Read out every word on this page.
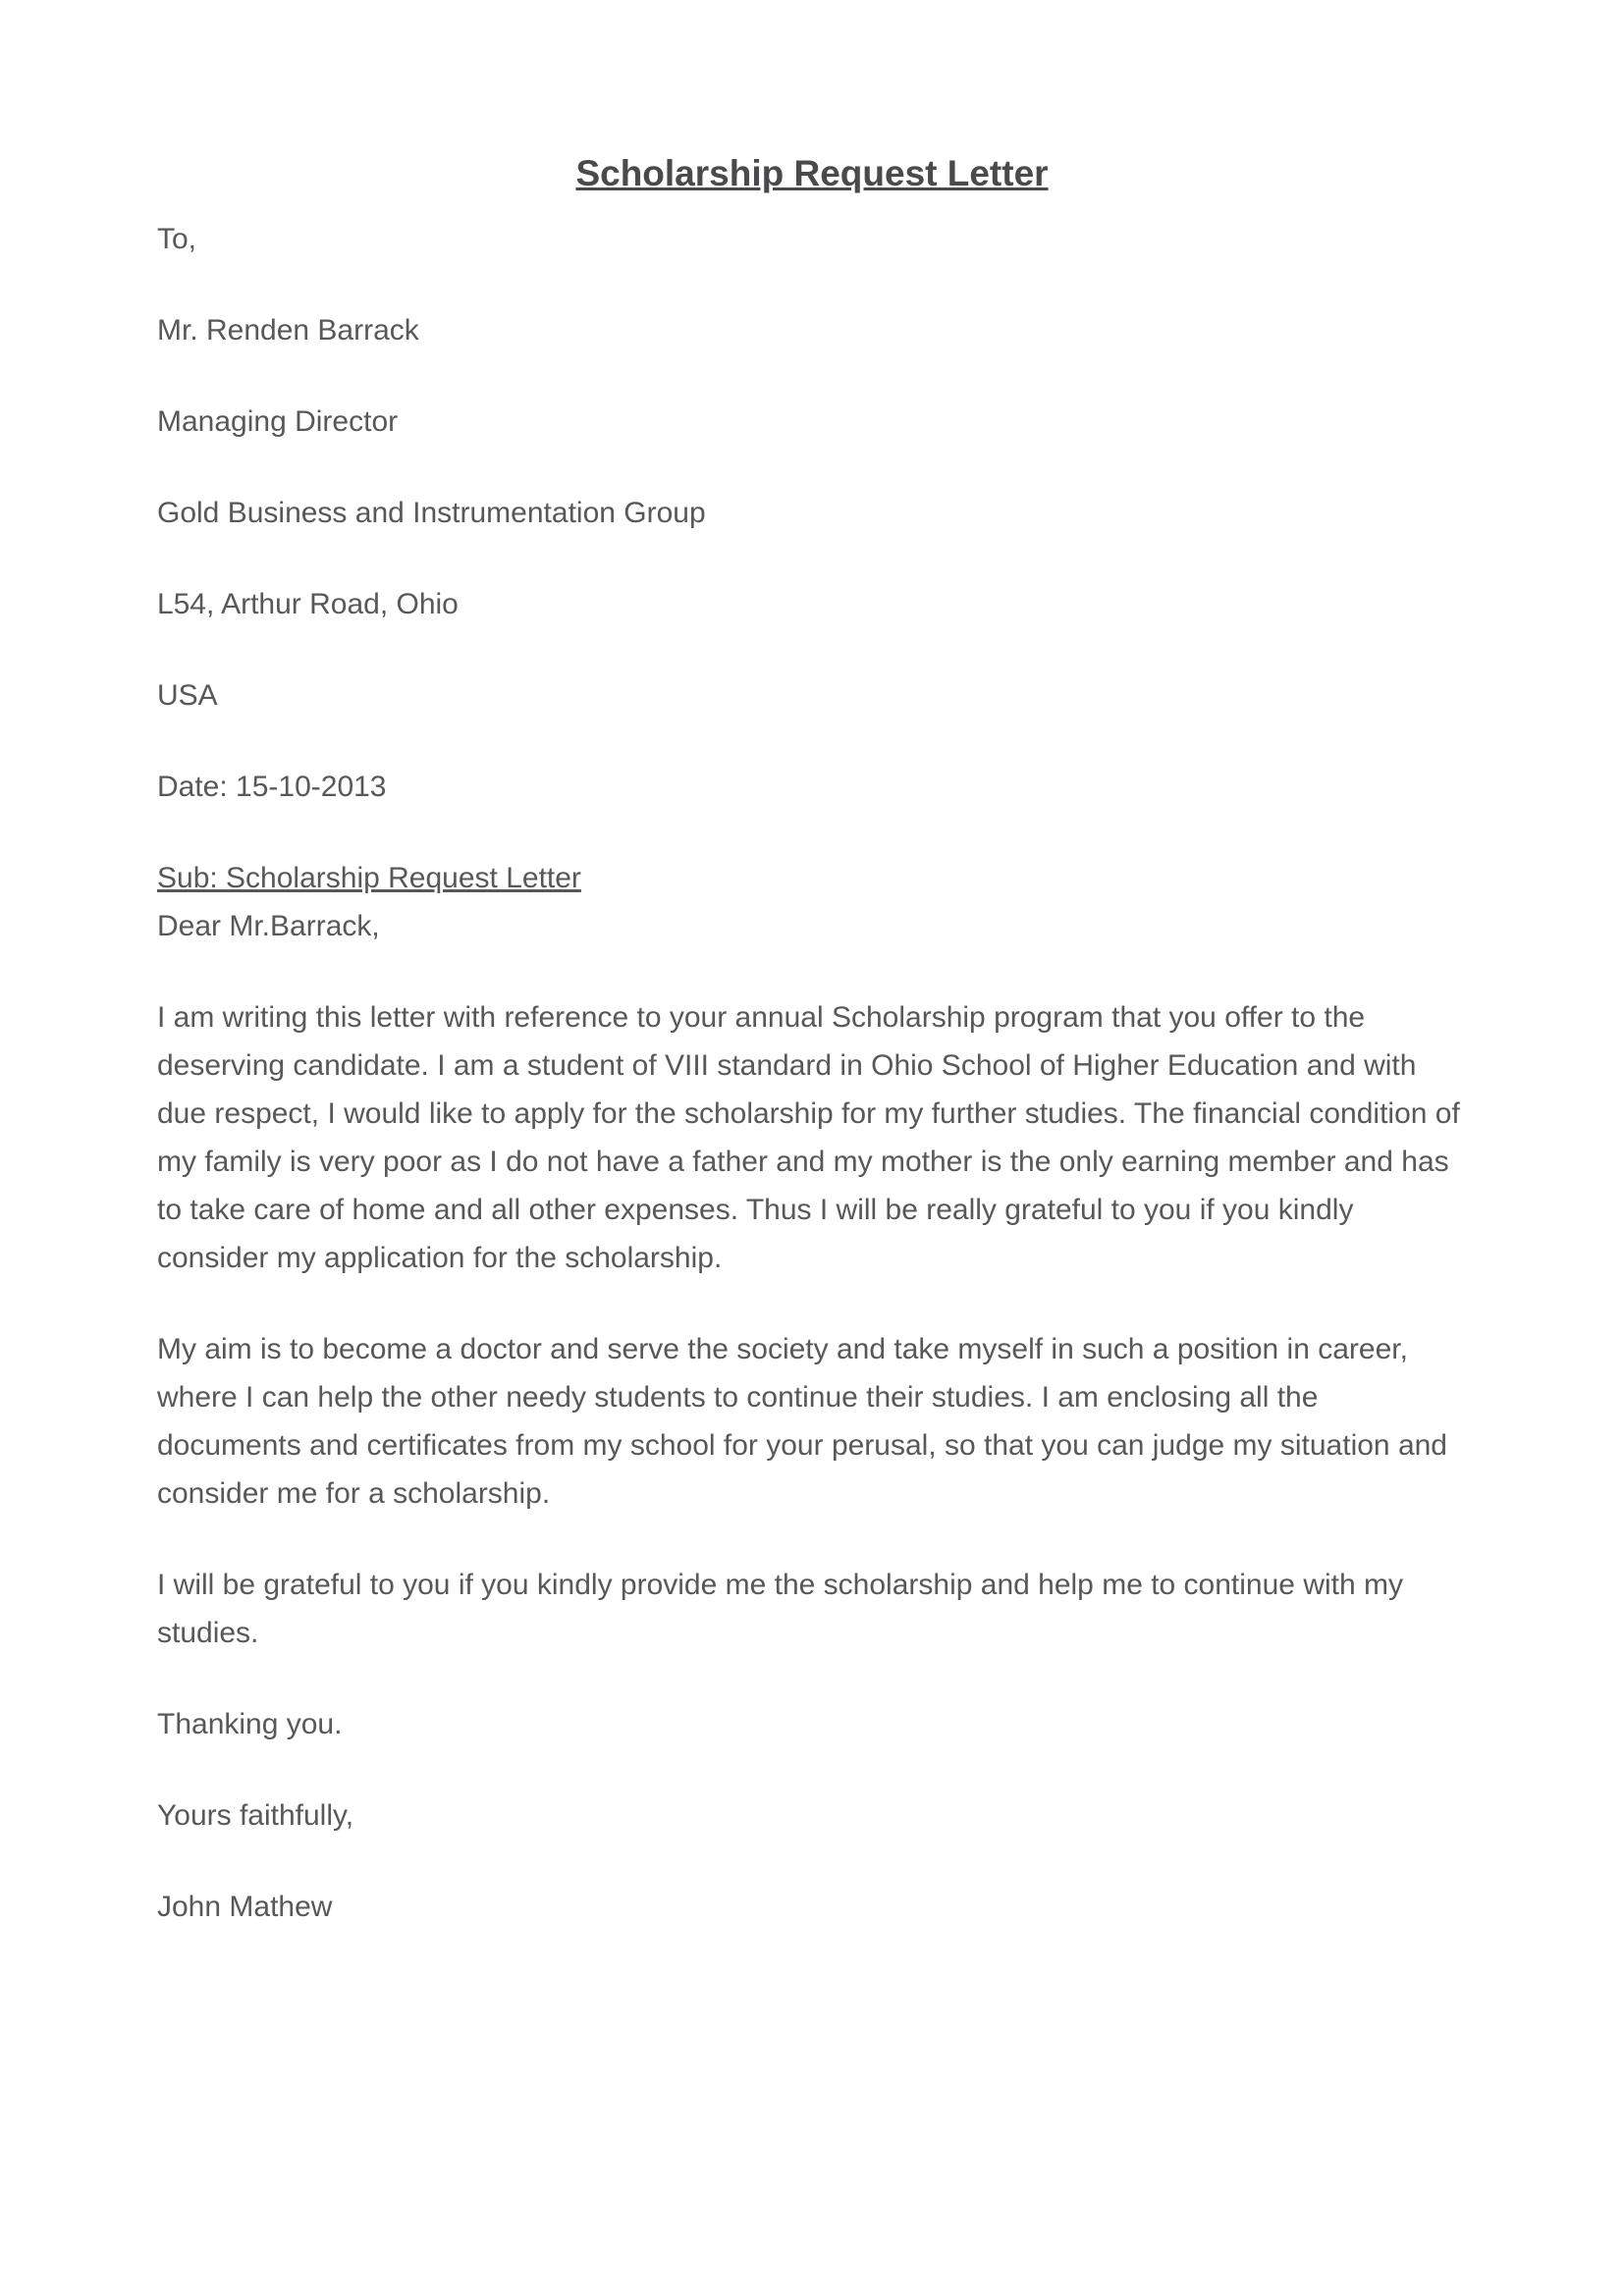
Scholarship Request Letter

To,

Mr. Renden Barrack

Managing Director

Gold Business and Instrumentation Group

L54, Arthur Road, Ohio

USA

Date: 15-10-2013

Sub: Scholarship Request Letter

Dear Mr.Barrack,

I am writing this letter with reference to your annual Scholarship program that you offer to the deserving candidate. I am a student of VIII standard in Ohio School of Higher Education and with due respect, I would like to apply for the scholarship for my further studies. The financial condition of my family is very poor as I do not have a father and my mother is the only earning member and has to take care of home and all other expenses. Thus I will be really grateful to you if you kindly consider my application for the scholarship.

My aim is to become a doctor and serve the society and take myself in such a position in career, where I can help the other needy students to continue their studies. I am enclosing all the documents and certificates from my school for your perusal, so that you can judge my situation and consider me for a scholarship.

I will be grateful to you if you kindly provide me the scholarship and help me to continue with my studies.

Thanking you.

Yours faithfully,

John Mathew
